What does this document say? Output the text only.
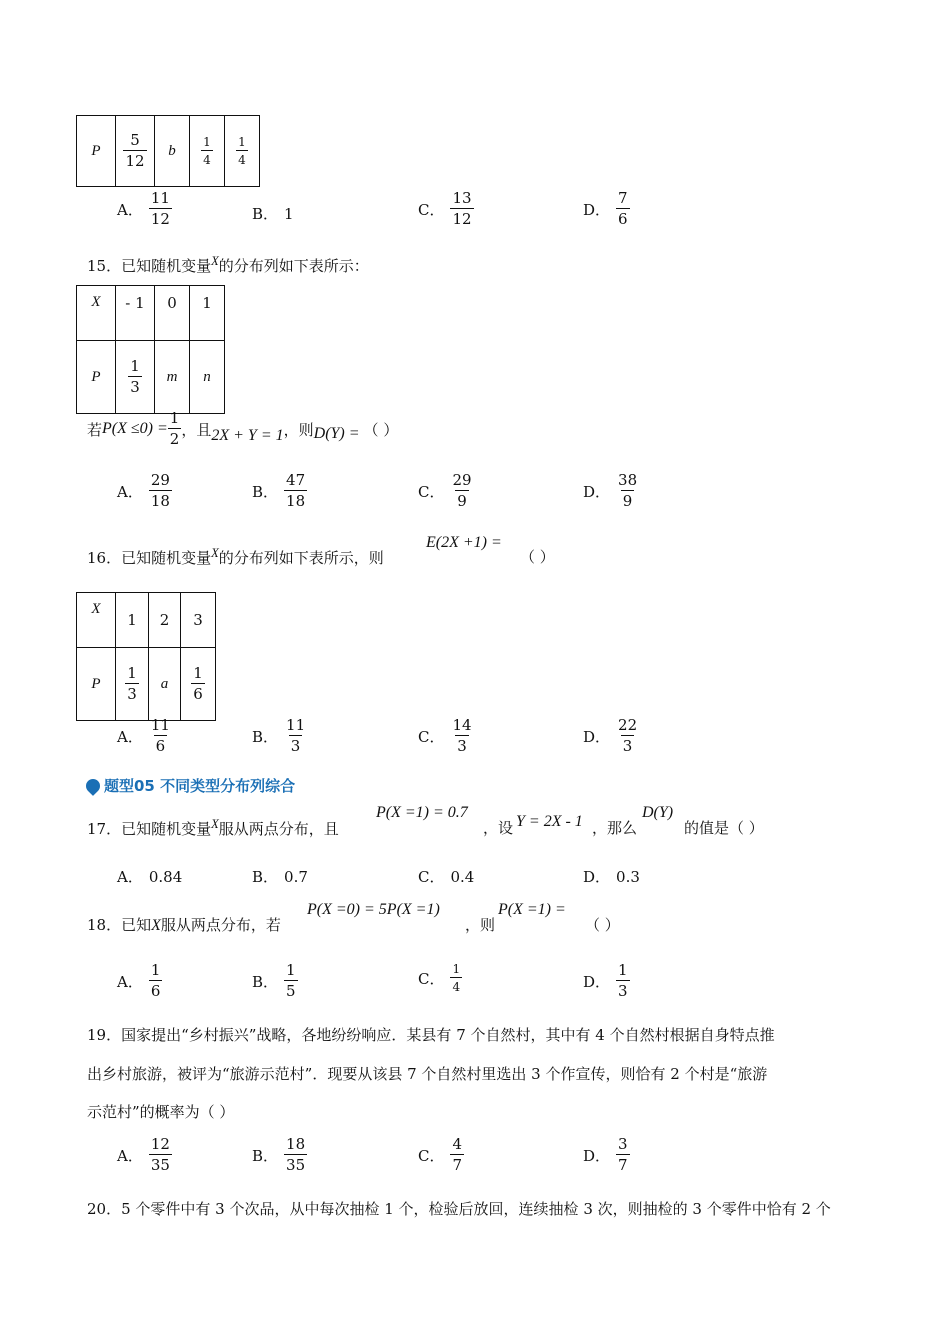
P	$\frac{5}{12}$	b	$\frac{1}{4}$	$\frac{1}{4}$
A． $\frac{11}{12}$	B． 1	C． $\frac{13}{12}$	D． $\frac{7}{6}$
15．已知随机变量$^X$的分布列如下表所示：
X	- 1	0	1
P	$\frac{1}{3}$	m	n
若 $P(X \le 0) = \frac{1}{2}$ ，且 2X + Y = 1 ，则 D(Y) = （ ）
A． $\frac{29}{18}$	B． $\frac{47}{18}$	C． $\frac{29}{9}$	D． $\frac{38}{9}$
16．已知随机变量$^X$的分布列如下表所示，则
E(2X +1) =
（ ）
X	1	2	3
P	$\frac{1}{3}$	a	$\frac{1}{6}$
A． $\frac{11}{6}$	B． $\frac{11}{3}$	C． $\frac{14}{3}$	D． $\frac{22}{3}$
题型05 不同类型分布列综合
17．已知随机变量$^X$服从两点分布，且
P(X =1) = 0.7
，设 Y = 2X - 1 ，那么
D(Y)
的值是（ ）
A． 0.84	B． 0.7	C． 0.4	D． 0.3
18．已知X服从两点分布，若
P(X =0) = 5P(X =1)
，则
P(X =1) =
（ ）
A． $\frac{1}{6}$	B． $\frac{1}{5}$	C． $\frac{1}{4}$	D． $\frac{1}{3}$
19．国家提出“乡村振兴”战略，各地纷纷响应．某县有 7 个自然村，其中有 4 个自然村根据自身特点推
出乡村旅游，被评为“旅游示范村”．现要从该县 7 个自然村里选出 3 个作宣传，则恰有 2 个村是“旅游
示范村”的概率为（ ）
A． $\frac{12}{35}$	B． $\frac{18}{35}$	C． $\frac{4}{7}$	D． $\frac{3}{7}$
20．5 个零件中有 3 个次品，从中每次抽检 1 个，检验后放回，连续抽检 3 次，则抽检的 3 个零件中恰有 2 个
